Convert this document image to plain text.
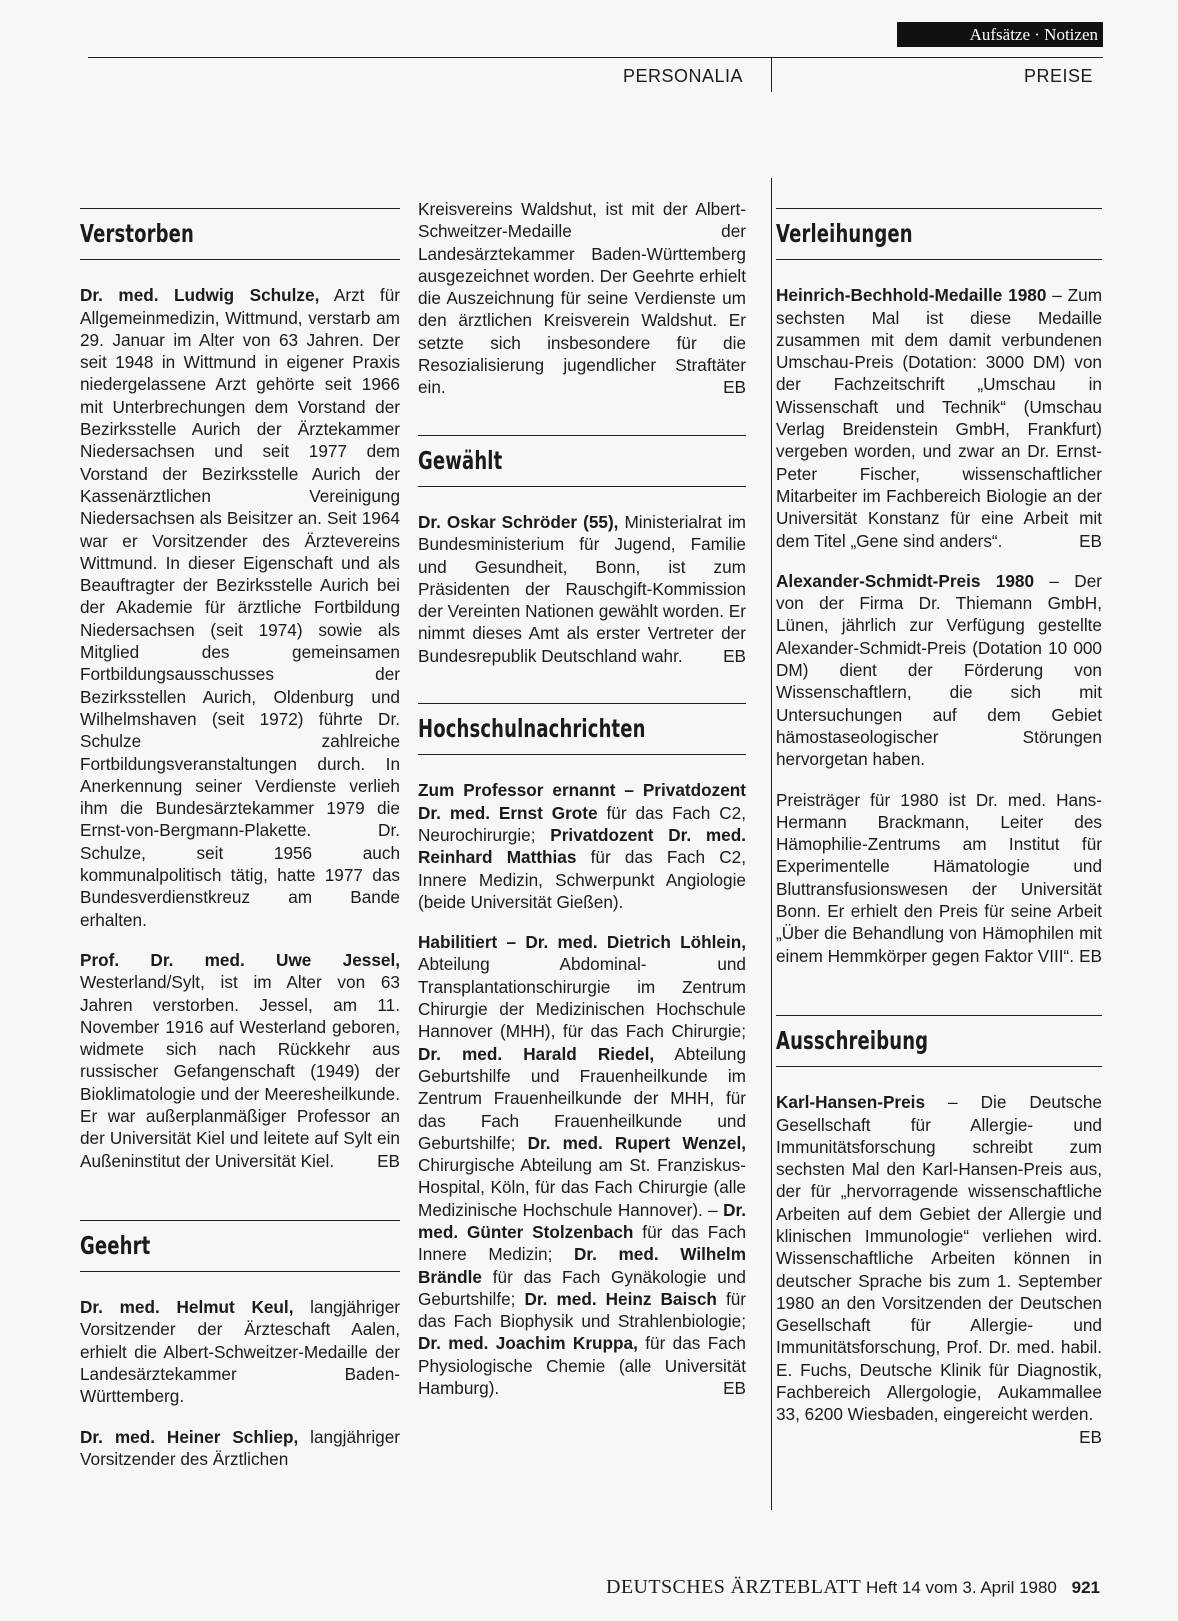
Aufsätze · Notizen
PERSONALIA	PREISE
Verstorben

Dr. med. Ludwig Schulze, Arzt für Allgemeinmedizin, Wittmund, verstarb am 29. Januar im Alter von 63 Jahren. Der seit 1948 in Wittmund in eigener Praxis niedergelassene Arzt gehörte seit 1966 mit Unterbrechungen dem Vorstand der Bezirksstelle Aurich der Ärztekammer Niedersachsen und seit 1977 dem Vorstand der Bezirksstelle Aurich der Kassenärztlichen Vereinigung Niedersachsen als Beisitzer an. Seit 1964 war er Vorsitzender des Ärztevereins Wittmund. In dieser Eigenschaft und als Beauftragter der Bezirksstelle Aurich bei der Akademie für ärztliche Fortbildung Niedersachsen (seit 1974) sowie als Mitglied des gemeinsamen Fortbildungsausschusses der Bezirksstellen Aurich, Oldenburg und Wilhelmshaven (seit 1972) führte Dr. Schulze zahlreiche Fortbildungsveranstaltungen durch. In Anerkennung seiner Verdienste verlieh ihm die Bundesärztekammer 1979 die Ernst-von-Bergmann-Plakette. Dr. Schulze, seit 1956 auch kommunalpolitisch tätig, hatte 1977 das Bundesverdienstkreuz am Bande erhalten.

Prof. Dr. med. Uwe Jessel, Westerland/Sylt, ist im Alter von 63 Jahren verstorben. Jessel, am 11. November 1916 auf Westerland geboren, widmete sich nach Rückkehr aus russischer Gefangenschaft (1949) der Bioklimatologie und der Meeresheilkunde. Er war außerplanmäßiger Professor an der Universität Kiel und leitete auf Sylt ein Außeninstitut der Universität Kiel. EB

Geehrt

Dr. med. Helmut Keul, langjähriger Vorsitzender der Ärzteschaft Aalen, erhielt die Albert-Schweitzer-Medaille der Landesärztekammer Baden-Württemberg.

Dr. med. Heiner Schliep, langjähriger Vorsitzender des Ärztlichen

Kreisvereins Waldshut, ist mit der Albert-Schweitzer-Medaille der Landesärztekammer Baden-Württemberg ausgezeichnet worden. Der Geehrte erhielt die Auszeichnung für seine Verdienste um den ärztlichen Kreisverein Waldshut. Er setzte sich insbesondere für die Resozialisierung jugendlicher Straftäter ein.	EB

Gewählt

Dr. Oskar Schröder (55), Ministerialrat im Bundesministerium für Jugend, Familie und Gesundheit, Bonn, ist zum Präsidenten der Rauschgift-Kommission der Vereinten Nationen gewählt worden. Er nimmt dieses Amt als erster Vertreter der Bundesrepublik Deutschland wahr. EB

Hochschulnachrichten

Zum Professor ernannt – Privatdozent Dr. med. Ernst Grote für das Fach C2, Neurochirurgie; Privatdozent Dr. med. Reinhard Matthias für das Fach C2, Innere Medizin, Schwerpunkt Angiologie (beide Universität Gießen).

Habilitiert – Dr. med. Dietrich Löhlein, Abteilung Abdominal- und Transplantationschirurgie im Zentrum Chirurgie der Medizinischen Hochschule Hannover (MHH), für das Fach Chirurgie; Dr. med. Harald Riedel, Abteilung Geburtshilfe und Frauenheilkunde im Zentrum Frauenheilkunde der MHH, für das Fach Frauenheilkunde und Geburtshilfe; Dr. med. Rupert Wenzel, Chirurgische Abteilung am St. Franziskus-Hospital, Köln, für das Fach Chirurgie (alle Medizinische Hochschule Hannover). – Dr. med. Günter Stolzenbach für das Fach Innere Medizin; Dr. med. Wilhelm Brändle für das Fach Gynäkologie und Geburtshilfe; Dr. med. Heinz Baisch für das Fach Biophysik und Strahlenbiologie; Dr. med. Joachim Kruppa, für das Fach Physiologische Chemie (alle Universität Hamburg).	EB

Verleihungen

Heinrich-Bechhold-Medaille 1980 – Zum sechsten Mal ist diese Medaille zusammen mit dem damit verbundenen Umschau-Preis (Dotation: 3000 DM) von der Fachzeitschrift „Umschau in Wissenschaft und Technik“ (Umschau Verlag Breidenstein GmbH, Frankfurt) vergeben worden, und zwar an Dr. Ernst-Peter Fischer, wissenschaftlicher Mitarbeiter im Fachbereich Biologie an der Universität Konstanz für eine Arbeit mit dem Titel „Gene sind anders“.	EB

Alexander-Schmidt-Preis 1980 – Der von der Firma Dr. Thiemann GmbH, Lünen, jährlich zur Verfügung gestellte Alexander-Schmidt-Preis (Dotation 10 000 DM) dient der Förderung von Wissenschaftlern, die sich mit Untersuchungen auf dem Gebiet hämostaseologischer Störungen hervorgetan haben.

Preisträger für 1980 ist Dr. med. Hans-Hermann Brackmann, Leiter des Hämophilie-Zentrums am Institut für Experimentelle Hämatologie und Bluttransfusionswesen der Universität Bonn. Er erhielt den Preis für seine Arbeit „Über die Behandlung von Hämophilen mit einem Hemmkörper gegen Faktor VIII“. EB

Ausschreibung

Karl-Hansen-Preis – Die Deutsche Gesellschaft für Allergie- und Immunitätsforschung schreibt zum sechsten Mal den Karl-Hansen-Preis aus, der für „hervorragende wissenschaftliche Arbeiten auf dem Gebiet der Allergie und klinischen Immunologie“ verliehen wird. Wissenschaftliche Arbeiten können in deutscher Sprache bis zum 1. September 1980 an den Vorsitzenden der Deutschen Gesellschaft für Allergie- und Immunitätsforschung, Prof. Dr. med. habil. E. Fuchs, Deutsche Klinik für Diagnostik, Fachbereich Allergologie, Aukammallee 33, 6200 Wiesbaden, eingereicht werden.
EB

DEUTSCHES ÄRZTEBLATT Heft 14 vom 3. April 1980 921
